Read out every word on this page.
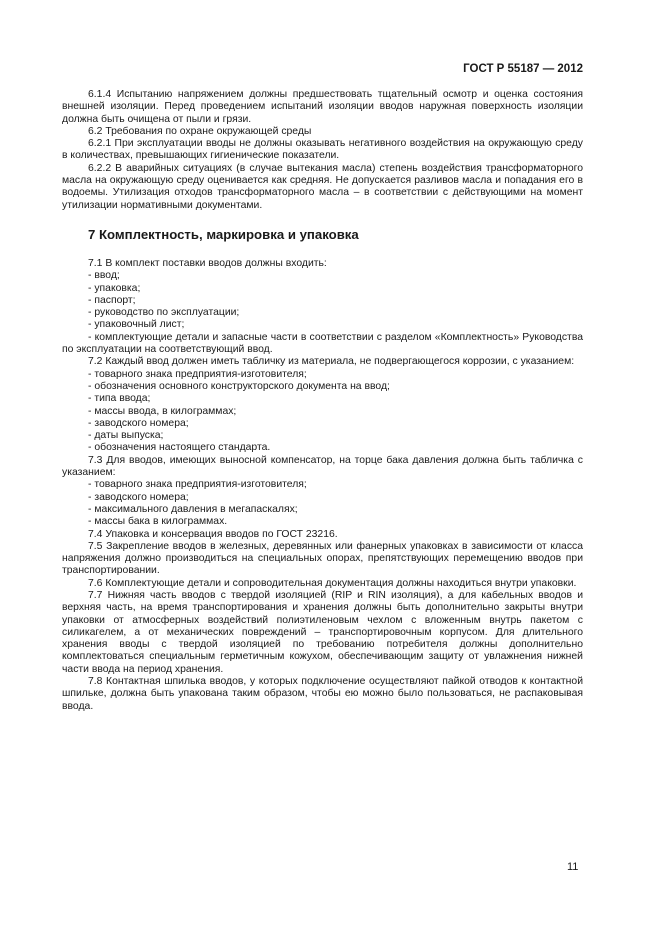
ГОСТ Р 55187 — 2012

6.1.4 Испытанию напряжением должны предшествовать тщательный осмотр и оценка состояния внешней изоляции. Перед проведением испытаний изоляции вводов наружная поверхность изоляции должна быть очищена от пыли и грязи.

6.2 Требования по охране окружающей среды

6.2.1 При эксплуатации вводы не должны оказывать негативного воздействия на окружающую среду в количествах, превышающих гигиенические показатели.

6.2.2 В аварийных ситуациях (в случае вытекания масла) степень воздействия трансформаторного масла на окружающую среду оценивается как средняя. Не допускается разливов масла и попадания его в водоемы. Утилизация отходов трансформаторного масла – в соответствии с действующими на момент утилизации нормативными документами.

7 Комплектность, маркировка и упаковка

7.1 В комплект поставки вводов должны входить:

- ввод;

- упаковка;

- паспорт;

- руководство по эксплуатации;

- упаковочный лист;

- комплектующие детали и запасные части в соответствии с разделом «Комплектность» Руководства по эксплуатации на соответствующий ввод.

7.2 Каждый ввод должен иметь табличку из материала, не подвергающегося коррозии, с указанием:

- товарного знака предприятия-изготовителя;

- обозначения основного конструкторского документа на ввод;

- типа ввода;

- массы ввода, в килограммах;

- заводского номера;

- даты выпуска;

- обозначения настоящего стандарта.

7.3 Для вводов, имеющих выносной компенсатор, на торце бака давления должна быть табличка с указанием:

- товарного знака предприятия-изготовителя;

- заводского номера;

- максимального давления в мегапаскалях;

- массы бака в килограммах.

7.4 Упаковка и консервация вводов по ГОСТ 23216.

7.5 Закрепление вводов в железных, деревянных или фанерных упаковках в зависимости от класса напряжения должно производиться на специальных опорах, препятствующих перемещению вводов при транспортировании.

7.6 Комплектующие детали и сопроводительная документация должны находиться внутри упаковки.

7.7 Нижняя часть вводов с твердой изоляцией (RIP и RIN изоляция), а для кабельных вводов и верхняя часть, на время транспортирования и хранения должны быть дополнительно закрыты внутри упаковки от атмосферных воздействий полиэтиленовым чехлом с вложенным внутрь пакетом с силикагелем, а от механических повреждений – транспортировочным корпусом. Для длительного хранения вводы с твердой изоляцией по требованию потребителя должны дополнительно комплектоваться специальным герметичным кожухом, обеспечивающим защиту от увлажнения нижней части ввода на период хранения.

7.8 Контактная шпилька вводов, у которых подключение осуществляют пайкой отводов к контактной шпильке, должна быть упакована таким образом, чтобы ею можно было пользоваться, не распаковывая ввода.

11
